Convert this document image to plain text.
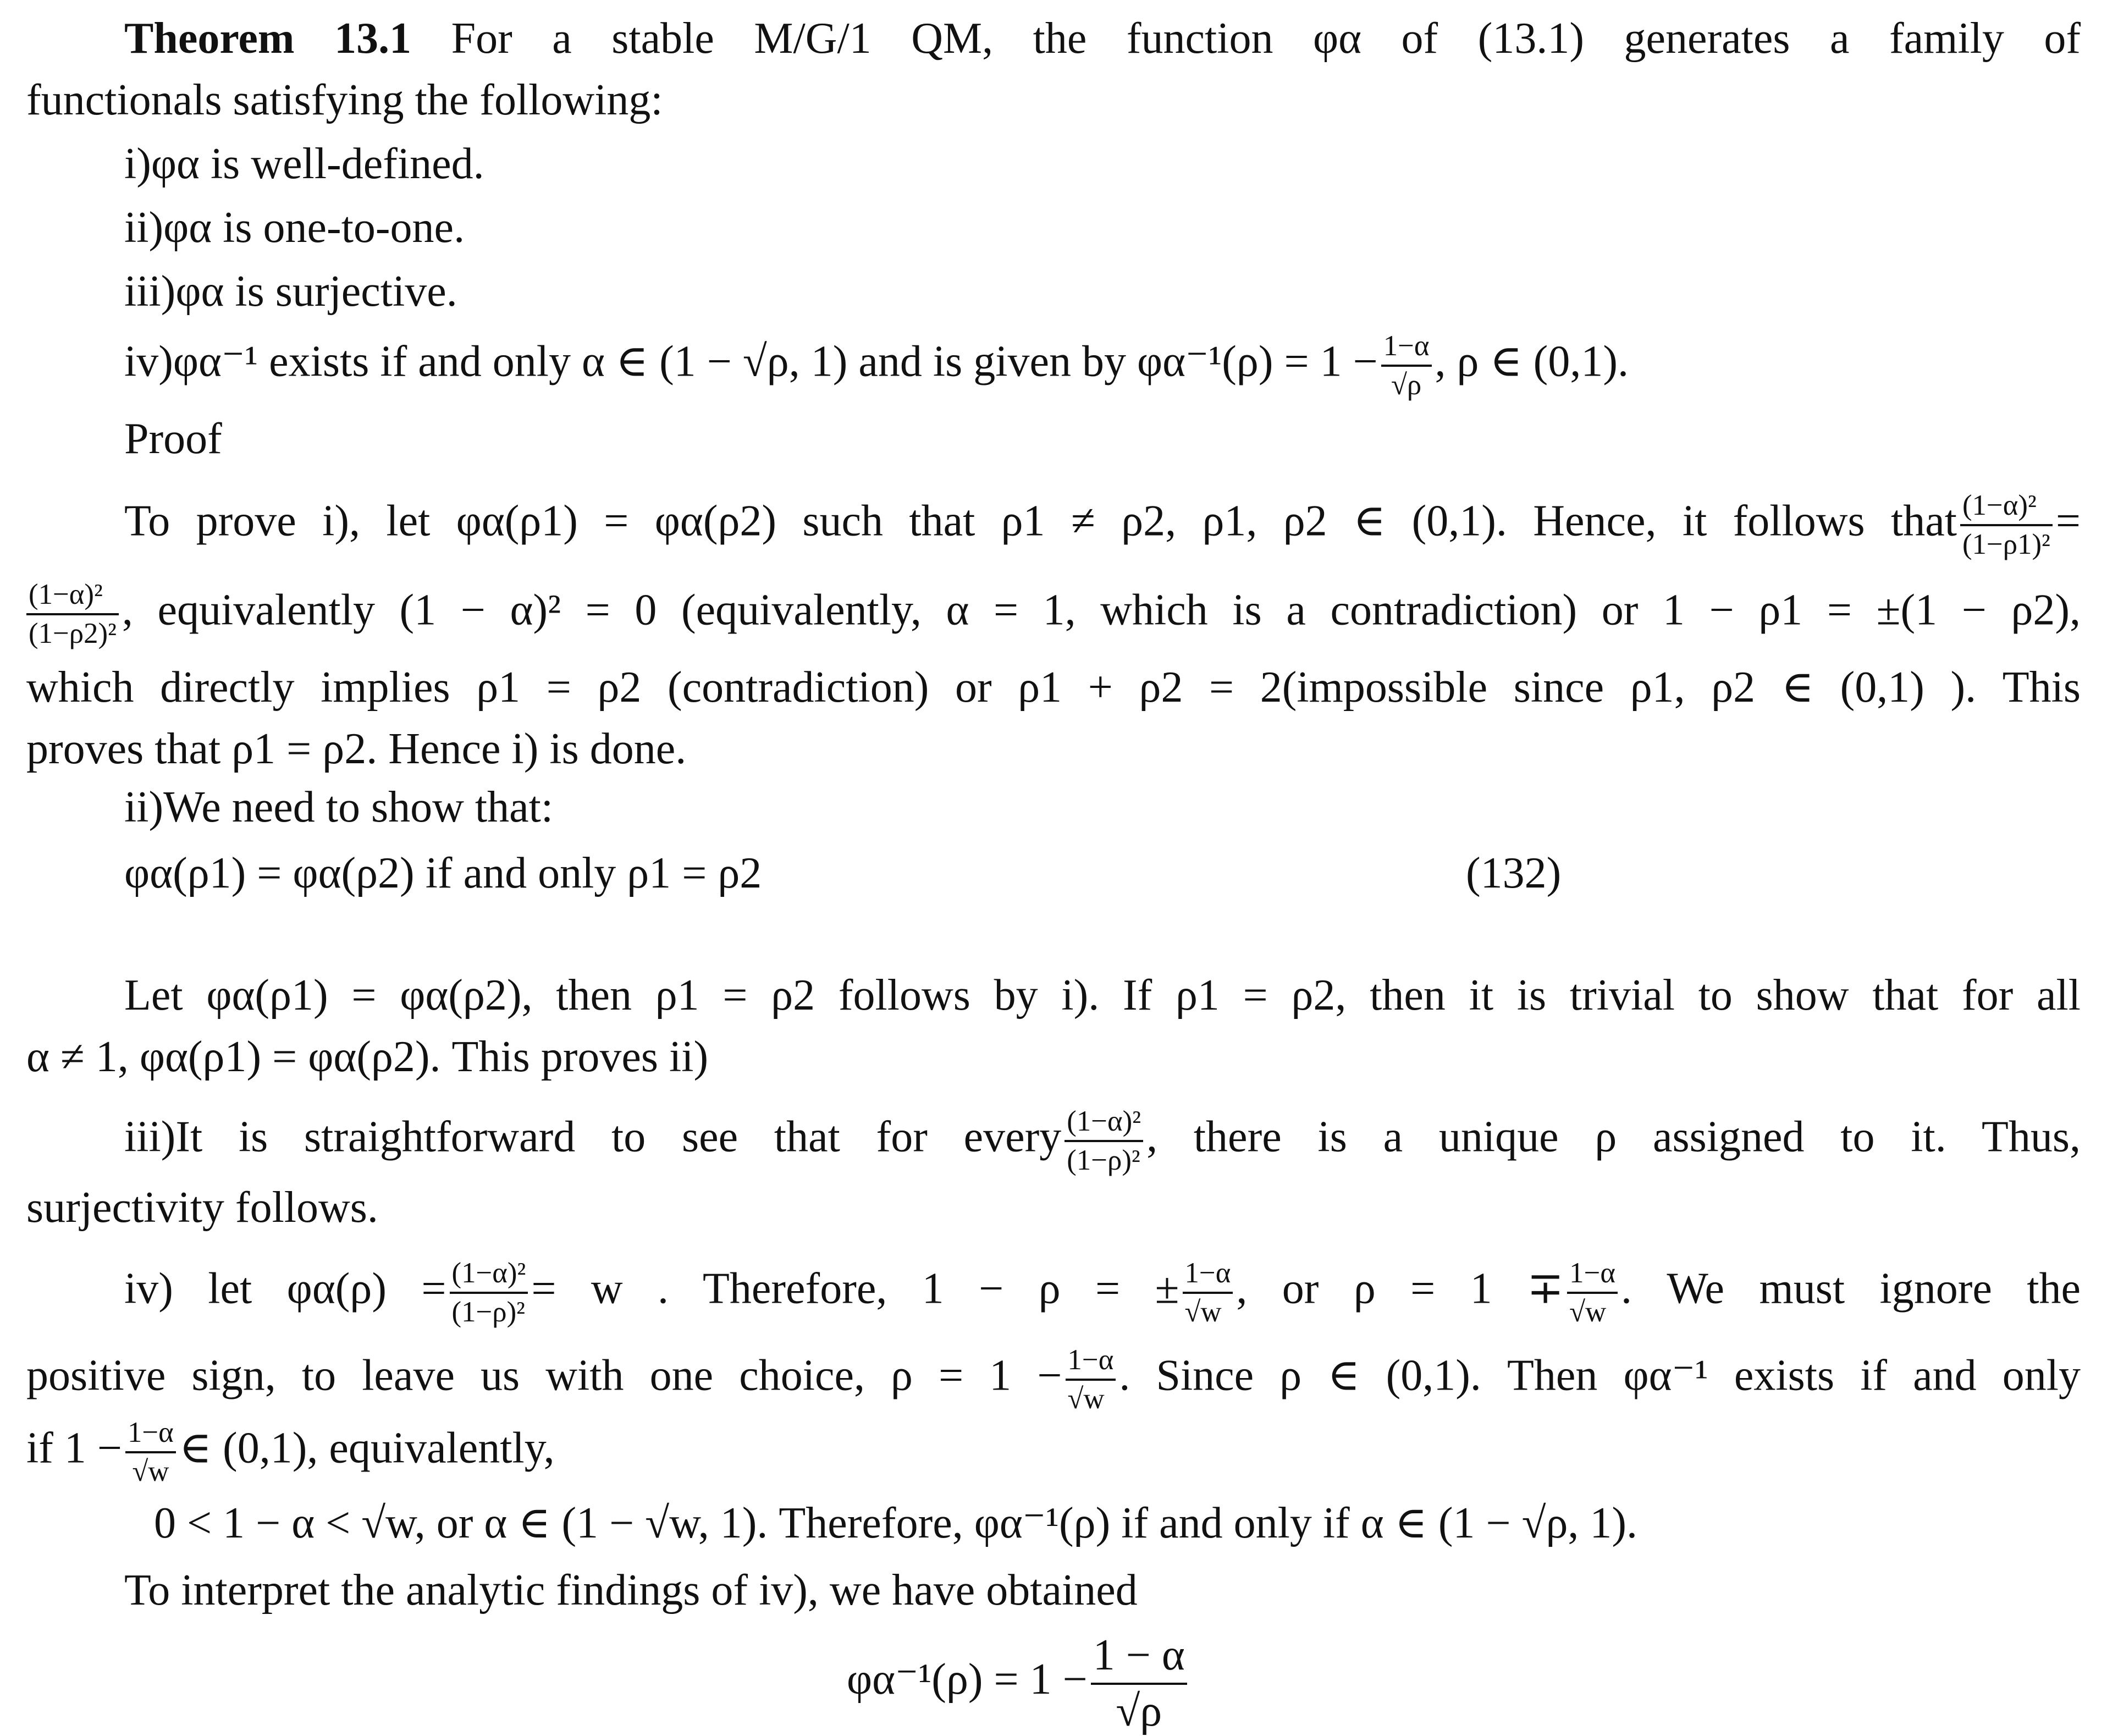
Theorem 13.1 For a stable M/G/1 QM, the function φα of (13.1) generates a family of
functionals satisfying the following:
i)φα is well-defined.
ii)φα is one-to-one.
iii)φα is surjective.
iv)φα⁻¹ exists if and only α ∈ (1 − √ρ, 1) and is given by $\varphi\alpha^{-1}(\rho) = 1 - \frac{1-\alpha}{√\rho}$ , ρ ∈ (0,1).
Proof
To prove i), let φα(ρ1) = φα(ρ2) such that ρ1 ≠ ρ2, ρ1, ρ2 ∈ (0,1). Hence, it follows that $\frac{\text{(1−α)²}}{\text{(1−ρ1)²}}$ =
$\frac{\text{(1−α)²}}{\text{(1−ρ2)²}}$ , equivalently (1 − α)² = 0 (equivalently, α = 1, which is a contradiction) or 1 − ρ1 = ±(1 − ρ2),
which directly implies ρ1 = ρ2 (contradiction) or ρ1 + ρ2 = 2(impossible since ρ1, ρ2 ∈ (0,1) ). This
proves that ρ1 = ρ2. Hence i) is done.
ii)We need to show that:
φα(ρ1) = φα(ρ2) if and only ρ1 = ρ2	(132)
Let φα(ρ1) = φα(ρ2), then ρ1 = ρ2 follows by i). If ρ1 = ρ2, then it is trivial to show that for all
α ≠ 1, φα(ρ1) = φα(ρ2). This proves ii)
iii)It is straightforward to see that for every $\frac{\text{(1−α)²}}{\text{(1−ρ)²}}$ , there is a unique ρ assigned to it. Thus,
surjectivity follows.
iv) let $\varphi\alpha(\rho) = \frac{\text{(1−α)²}}{\text{(1−ρ)²}} = w$ . Therefore, 1 − ρ = ± $\frac{1-\alpha}{√w}$ , or $\rho = 1 \mp \frac{1-\alpha}{√w}$ . We must ignore the
positive sign, to leave us with one choice, $\rho = 1 - \frac{1-\alpha}{√w}$ . Since ρ ∈ (0,1). Then φα⁻¹ exists if and only
if $1 - \frac{1-\alpha}{√w}$ ∈ (0,1), equivalently,
0 < 1 − α < √w, or α ∈ (1 − √w, 1). Therefore, φα⁻¹(ρ) if and only if α ∈ (1 − √ρ, 1).
To interpret the analytic findings of iv), we have obtained
$\varphi\alpha^{-1}(\rho) = 1 - \frac{1 - \alpha}{√\rho}$
